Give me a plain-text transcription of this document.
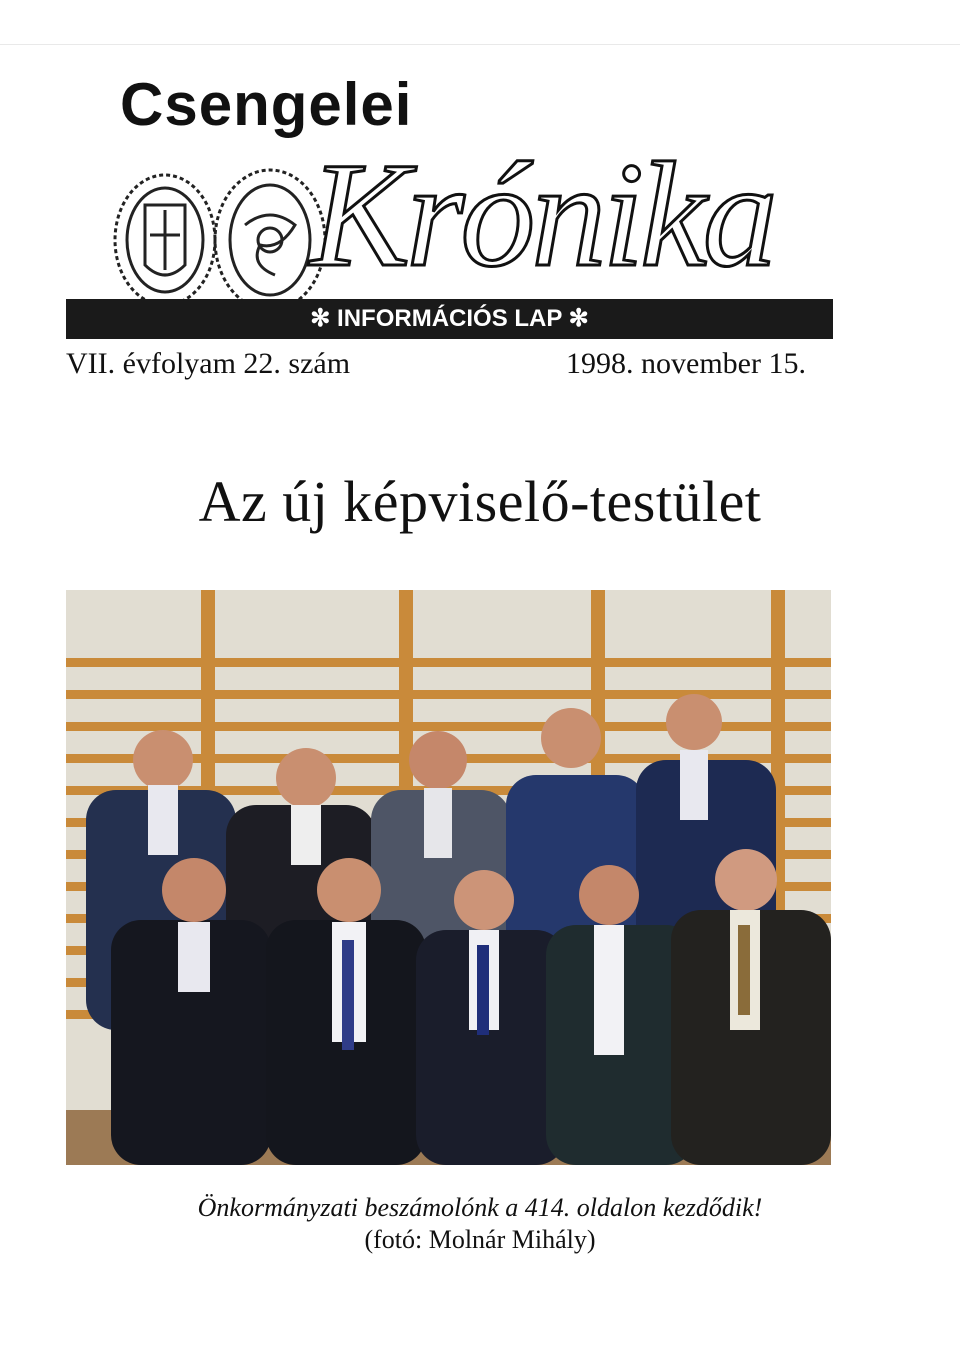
Csengelei
Krónika
✻ INFORMÁCIÓS LAP ✻
VII. évfolyam 22. szám	1998. november 15.
Az új képviselő-testület
Önkormányzati beszámolónk a 414. oldalon kezdődik!
(fotó: Molnár Mihály)
